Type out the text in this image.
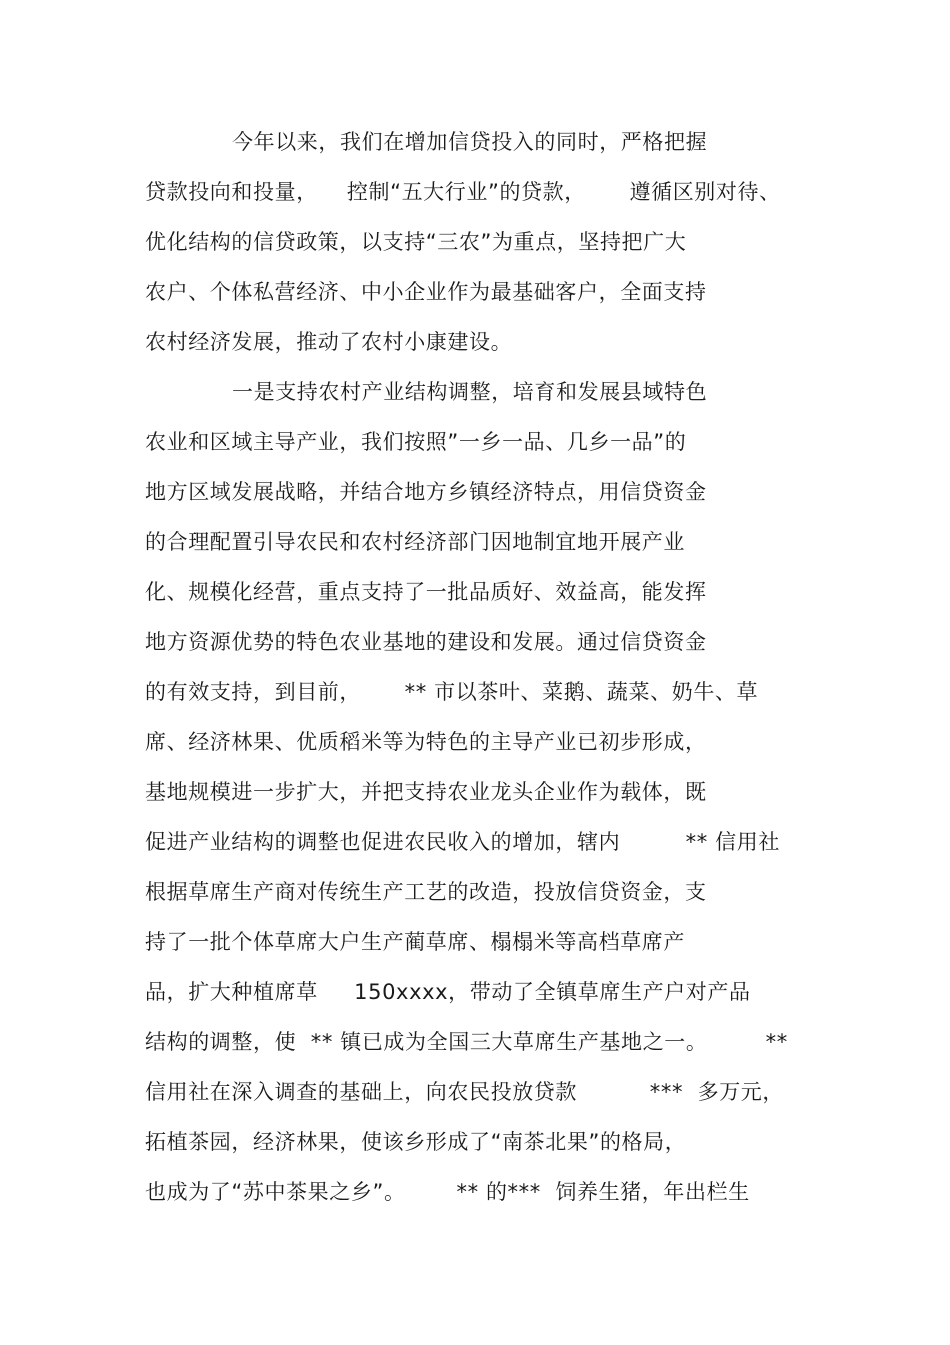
今年以来，我们在增加信贷投入的同时，严格把握
贷款投向和投量，    控制“五大行业”的贷款，      遵循区别对待、
优化结构的信贷政策，以支持“三农”为重点，坚持把广大
农户、个体私营经济、中小企业作为最基础客户，全面支持
农村经济发展，推动了农村小康建设。
一是支持农村产业结构调整，培育和发展县域特色
农业和区域主导产业，我们按照”一乡一品、几乡一品”的
地方区域发展战略，并结合地方乡镇经济特点，用信贷资金
的合理配置引导农民和农村经济部门因地制宜地开展产业
化、规模化经营，重点支持了一批品质好、效益高，能发挥
地方资源优势的特色农业基地的建设和发展。通过信贷资金
的有效支持，到目前，      ** 市以茶叶、菜鹅、蔬菜、奶牛、草
席、经济林果、优质稻米等为特色的主导产业已初步形成，
基地规模进一步扩大，并把支持农业龙头企业作为载体，既
促进产业结构的调整也促进农民收入的增加，辖内         ** 信用社
根据草席生产商对传统生产工艺的改造，投放信贷资金，支
持了一批个体草席大户生产蔺草席、榻榻米等高档草席产
品，扩大种植席草     150xxxx，带动了全镇草席生产户对产品
结构的调整，使  ** 镇已成为全国三大草席生产基地之一。        **
信用社在深入调查的基础上，向农民投放贷款          ***  多万元，
拓植茶园，经济林果，使该乡形成了“南茶北果”的格局，
也成为了“苏中茶果之乡”。       ** 的***  饲养生猪，年出栏生
